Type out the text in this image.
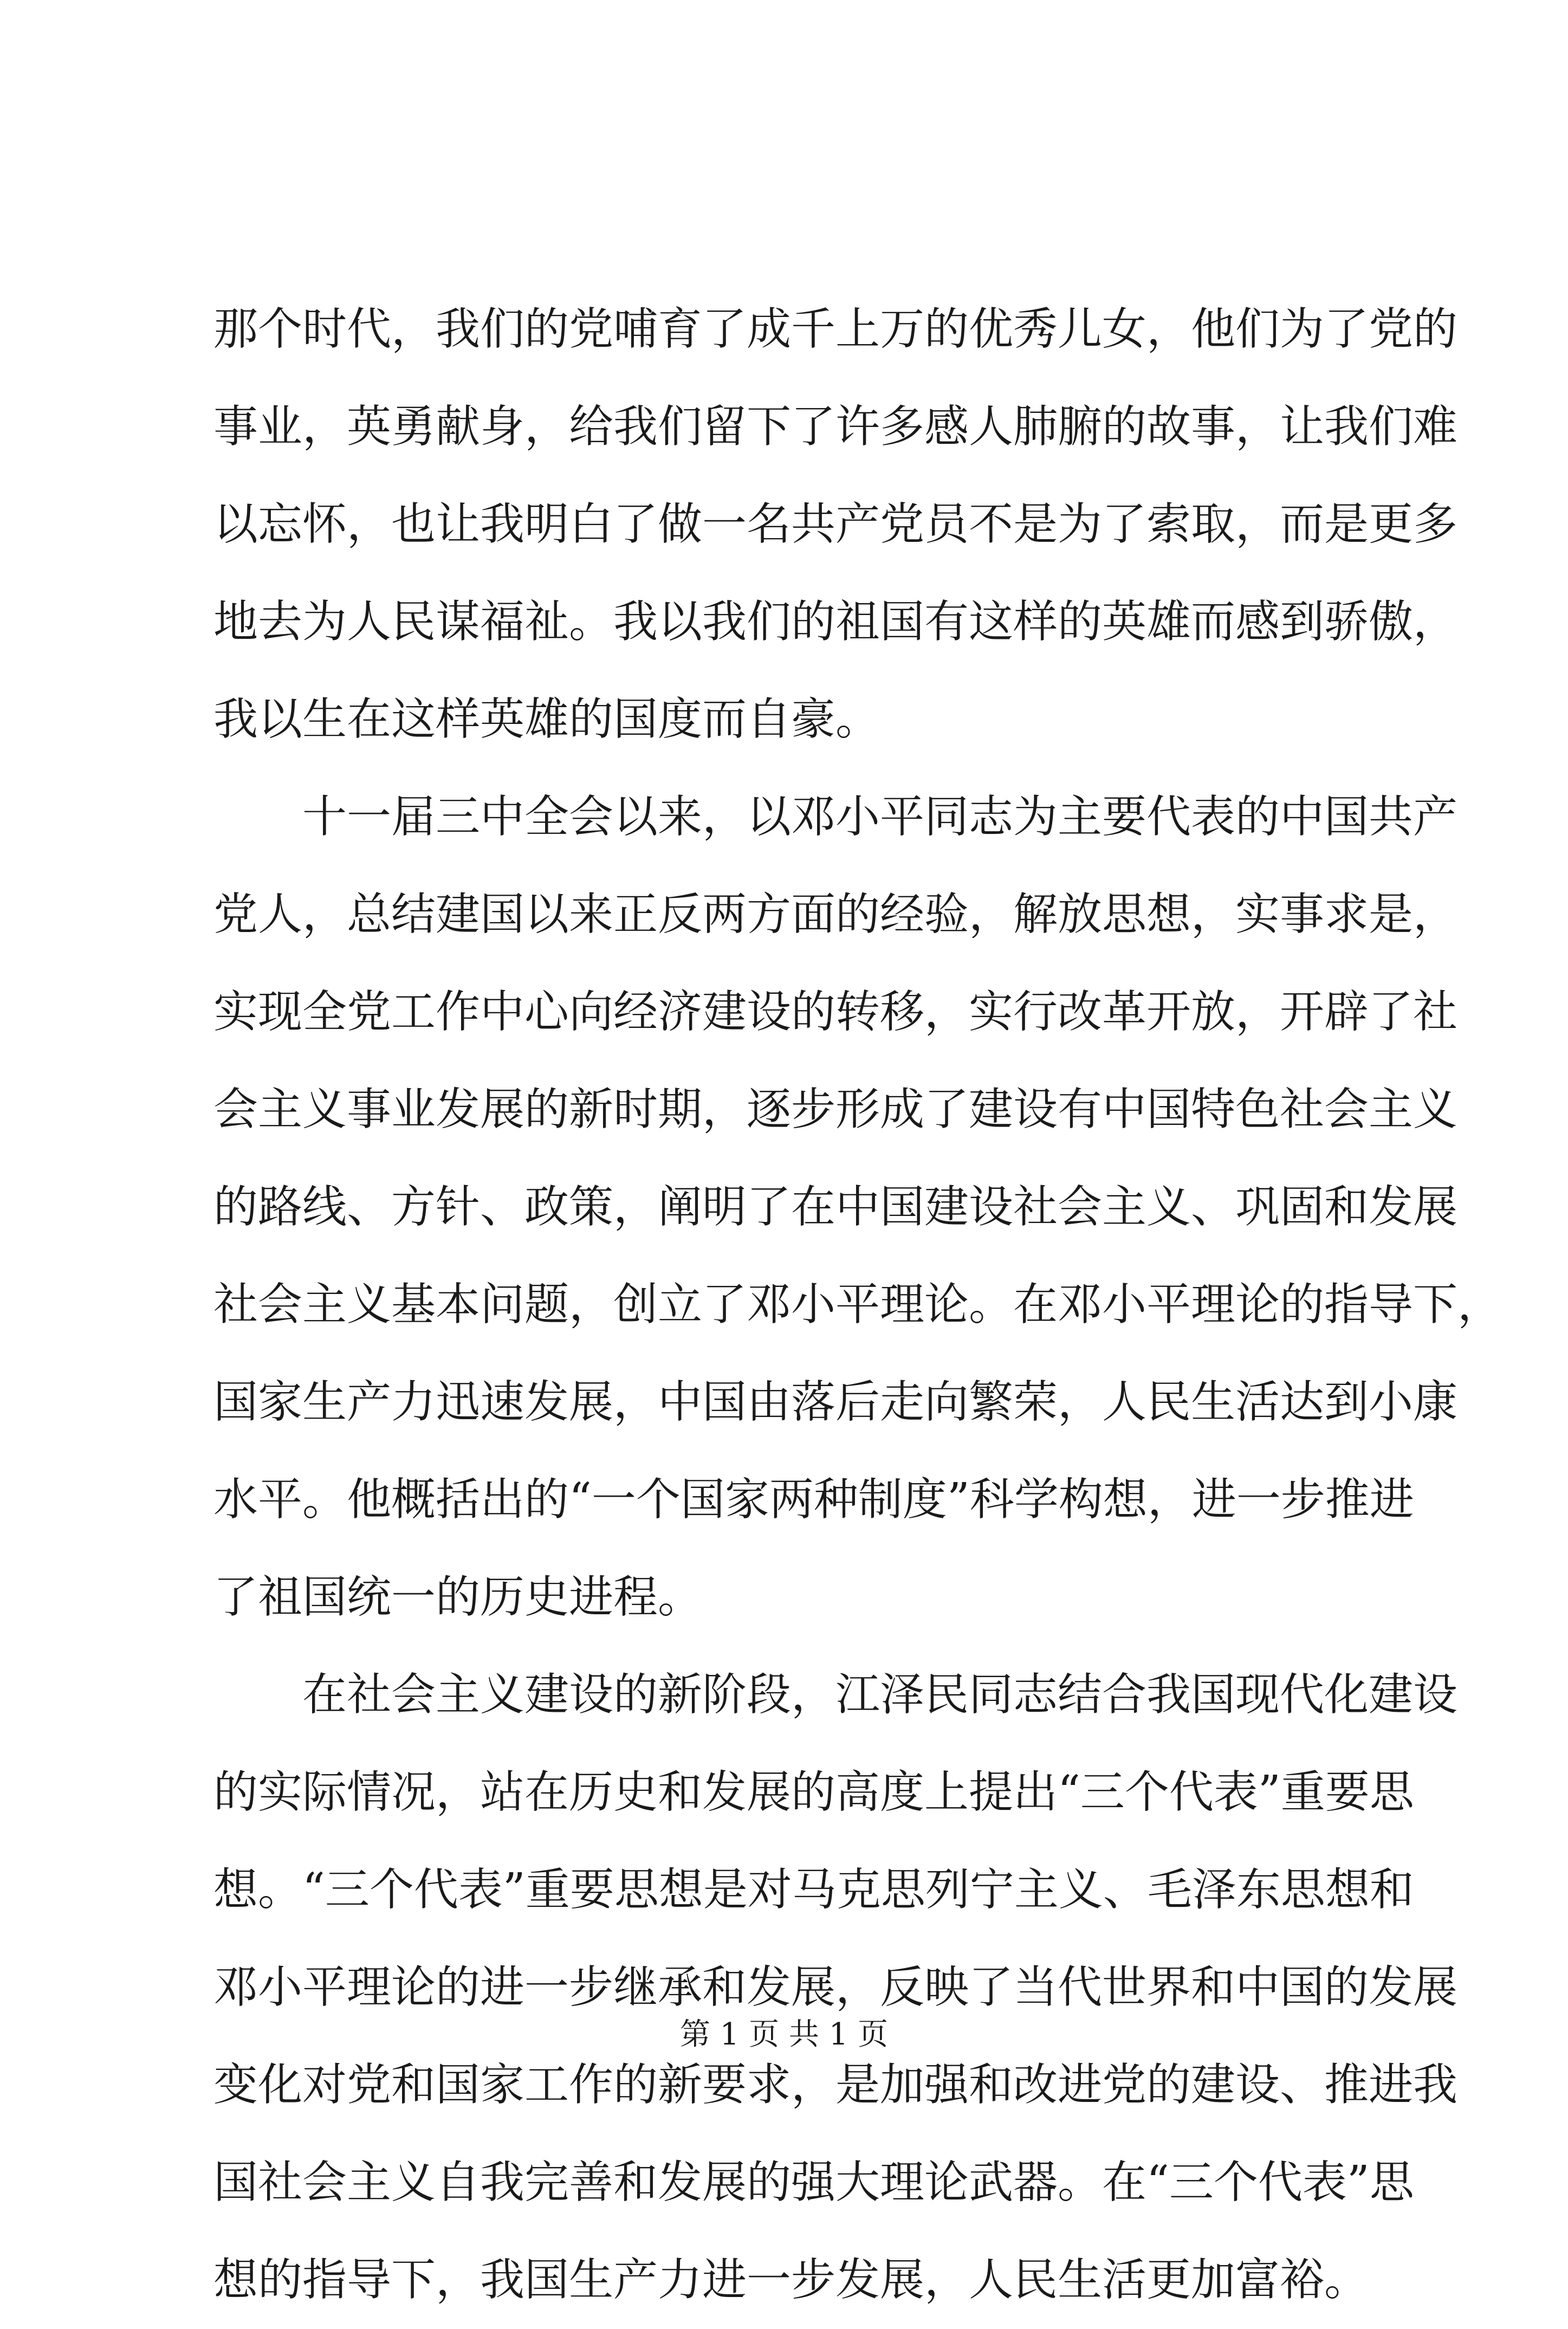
那个时代，我们的党哺育了成千上万的优秀儿女，他们为了党的
事业，英勇献身，给我们留下了许多感人肺腑的故事，让我们难
以忘怀，也让我明白了做一名共产党员不是为了索取，而是更多
地去为人民谋福祉。我以我们的祖国有这样的英雄而感到骄傲，
我以生在这样英雄的国度而自豪。
　　十一届三中全会以来，以邓小平同志为主要代表的中国共产
党人，总结建国以来正反两方面的经验，解放思想，实事求是，
实现全党工作中心向经济建设的转移，实行改革开放，开辟了社
会主义事业发展的新时期，逐步形成了建设有中国特色社会主义
的路线、方针、政策，阐明了在中国建设社会主义、巩固和发展
社会主义基本问题，创立了邓小平理论。在邓小平理论的指导下，
国家生产力迅速发展，中国由落后走向繁荣，人民生活达到小康
水平。他概括出的“一个国家两种制度”科学构想，进一步推进
了祖国统一的历史进程。
　　在社会主义建设的新阶段，江泽民同志结合我国现代化建设
的实际情况，站在历史和发展的高度上提出“三个代表”重要思
想。“三个代表”重要思想是对马克思列宁主义、毛泽东思想和
邓小平理论的进一步继承和发展，反映了当代世界和中国的发展
变化对党和国家工作的新要求，是加强和改进党的建设、推进我
国社会主义自我完善和发展的强大理论武器。在“三个代表”思
想的指导下，我国生产力进一步发展，人民生活更加富裕。
第 1 页 共 1 页
